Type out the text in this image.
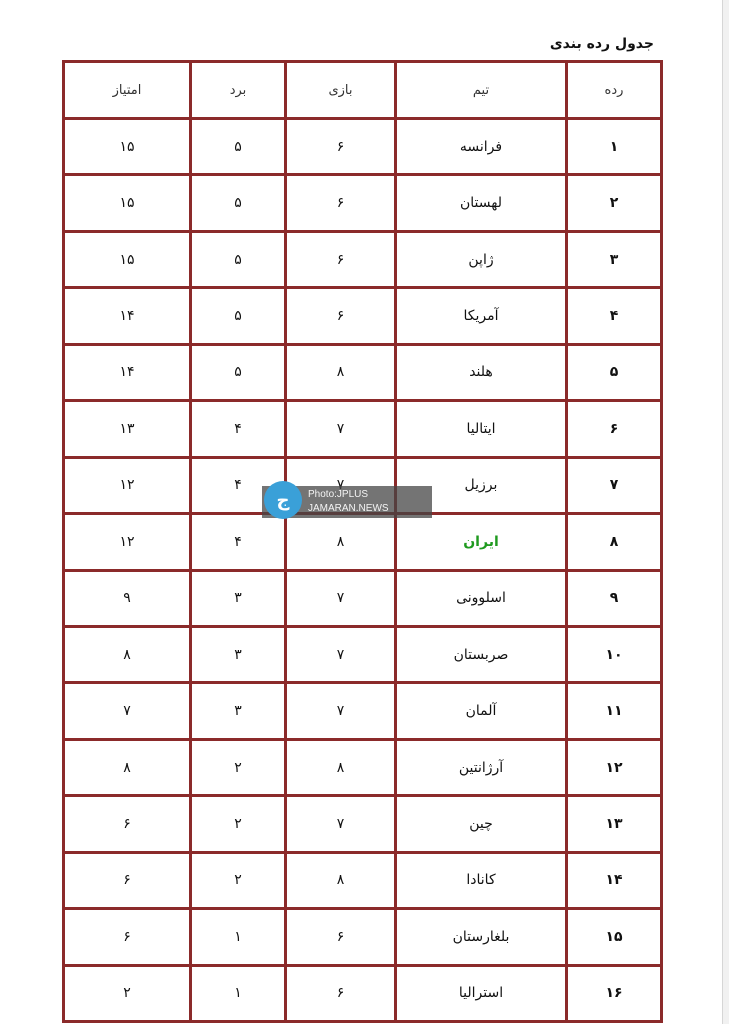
جدول رده بندی
رده	تیم	بازی	برد	امتیاز
۱	فرانسه	۶	۵	۱۵
۲	لهستان	۶	۵	۱۵
۳	ژاپن	۶	۵	۱۵
۴	آمریکا	۶	۵	۱۴
۵	هلند	۸	۵	۱۴
۶	ایتالیا	۷	۴	۱۳
۷	برزیل		۴	۱۲
۸	ایران	۸	۴	۱۲
۹	اسلوونی	۷	۳	۹
۱۰	صربستان	۷	۳	۸
۱۱	آلمان	۷	۳	۷
۱۲	آرژانتین	۸	۲	۸
۱۳	چین	۷	۲	۶
۱۴	کانادا	۸	۲	۶
۱۵	بلغارستان	۶	۱	۶
۱۶	استرالیا	۶	۱	۲
ج	Photo:JPLUS
JAMARAN.NEWS
